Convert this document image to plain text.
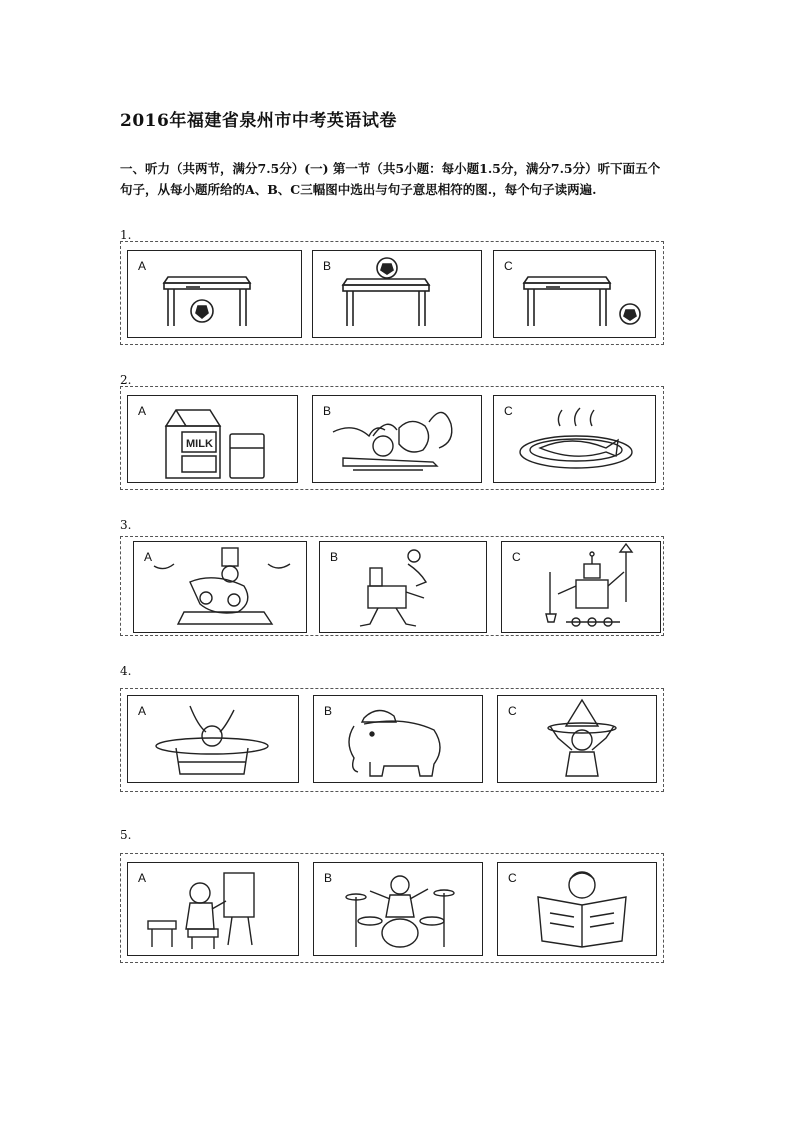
2016年福建省泉州市中考英语试卷
一、听力（共两节，满分7.5分）(一) 第一节（共5小题：每小题1.5分，满分7.5分）听下面五个句子，从每小题所给的A、B、C三幅图中选出与句子意思相符的图.，每个句子读两遍.
1.
A	B	C
2.
A
MILK
B	C
3.
A	B	C
4.
A	B	C
5.
A	B	C
